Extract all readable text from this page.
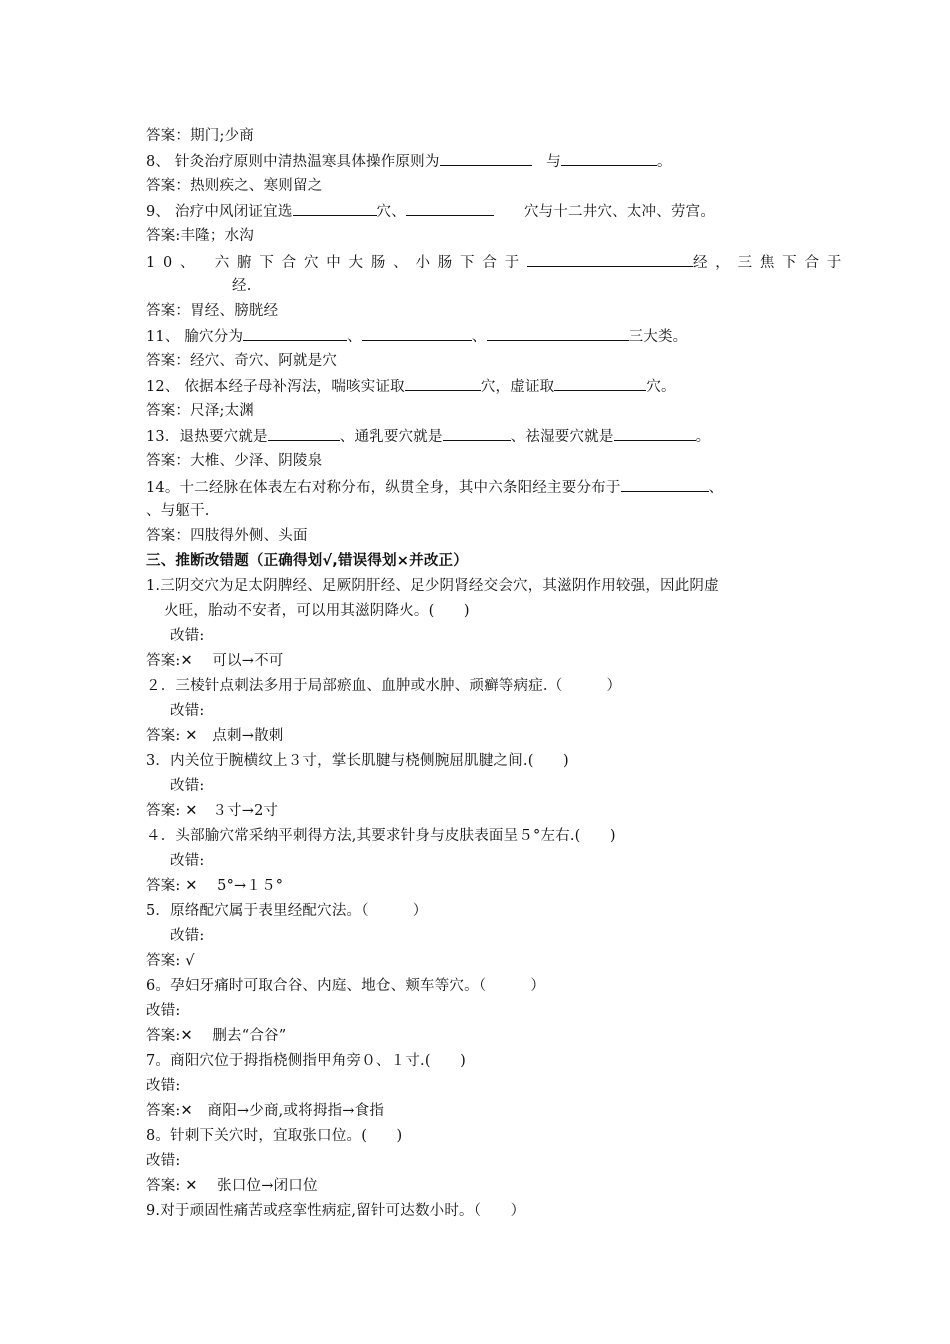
答案：期门;少商
8、 针灸治疗原则中清热温寒具体操作原则为　	与	。
答案：热则疾之、寒则留之
9、 治疗中风闭证宜选	穴、	穴与十二井穴、太冲、劳宫。
答案:丰隆；水沟
10、 六腑下合穴中大肠、小肠下合于	经，三焦下合于
经.
答案：胃经、膀胱经
11、 腧穴分为	、	、	三大类。
答案：经穴、奇穴、阿就是穴
12、 依据本经子母补泻法，喘咳实证取	穴，虚证取	穴。
答案：尺泽;太渊
13．退热要穴就是	、通乳要穴就是	、祛湿要穴就是	。
答案：大椎、少泽、阴陵泉
14。十二经脉在体表左右对称分布，纵贯全身，其中六条阳经主要分布于	、
、与躯干.
答案：四肢得外侧、头面
三、推断改错题（正确得划√,错误得划×并改正）
1.三阴交穴为足太阴脾经、足厥阴肝经、足少阴肾经交会穴，其滋阴作用较强，因此阴虚
火旺，胎动不安者，可以用其滋阴降火。(　　)
改错:
答案:✕　 可以→不可
２．三棱针点刺法多用于局部瘀血、血肿或水肿、顽癣等病症.（　　　）
改错:
答案: ✕　点刺→散刺
3．内关位于腕横纹上３寸，掌长肌腱与桡侧腕屈肌腱之间.(　　)
改错:
答案: ✕　３寸→2寸
４．头部腧穴常采纳平刺得方法,其要求针身与皮肤表面呈５°左右.(　　)
改错:
答案: ✕　 5°→１５°
5．原络配穴属于表里经配穴法。（　　　）
改错:
答案: √
6。孕妇牙痛时可取合谷、内庭、地仓、颊车等穴。（　　　）
改错:
答案:✕　 删去“合谷”
7。商阳穴位于拇指桡侧指甲角旁０、１寸.(　　)
改错:
答案:✕　商阳→少商,或将拇指→食指
8。针刺下关穴时，宜取张口位。(　　)
改错:
答案: ✕　 张口位→闭口位
9.对于顽固性痛苦或痉挛性病症,留针可达数小时。（　　）
